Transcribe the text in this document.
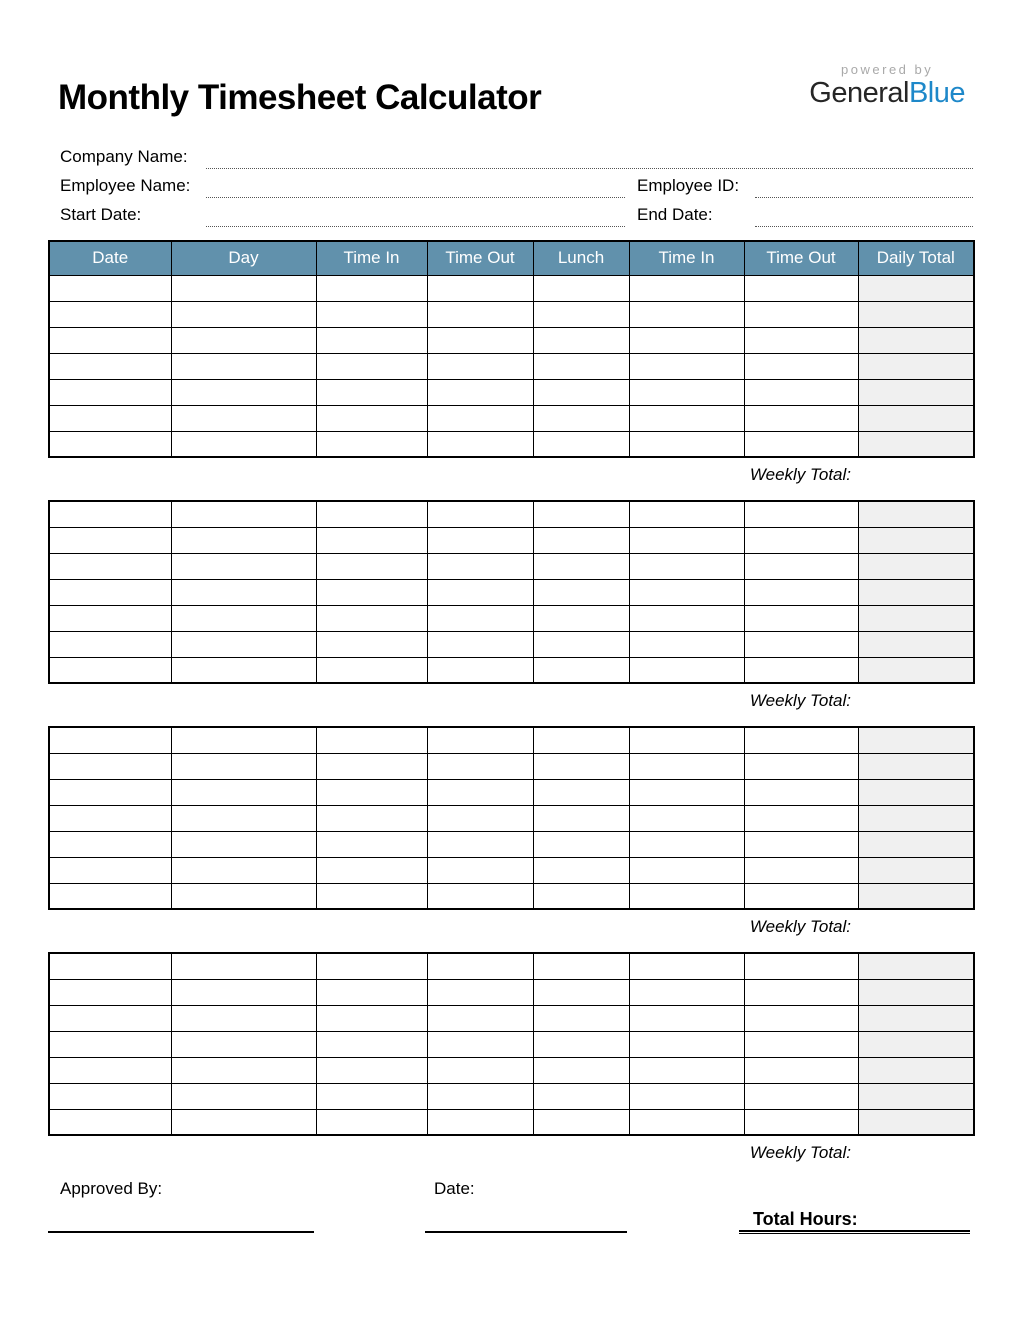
Monthly Timesheet Calculator
powered by
GeneralBlue
Company Name:
Employee Name:	Employee ID:
Start Date:	End Date:
Date	Day	Time In	Time Out	Lunch	Time In	Time Out	Daily Total

Weekly Total:

Weekly Total:

Weekly Total:

Weekly Total:
Approved By:	Date:
Total Hours:
